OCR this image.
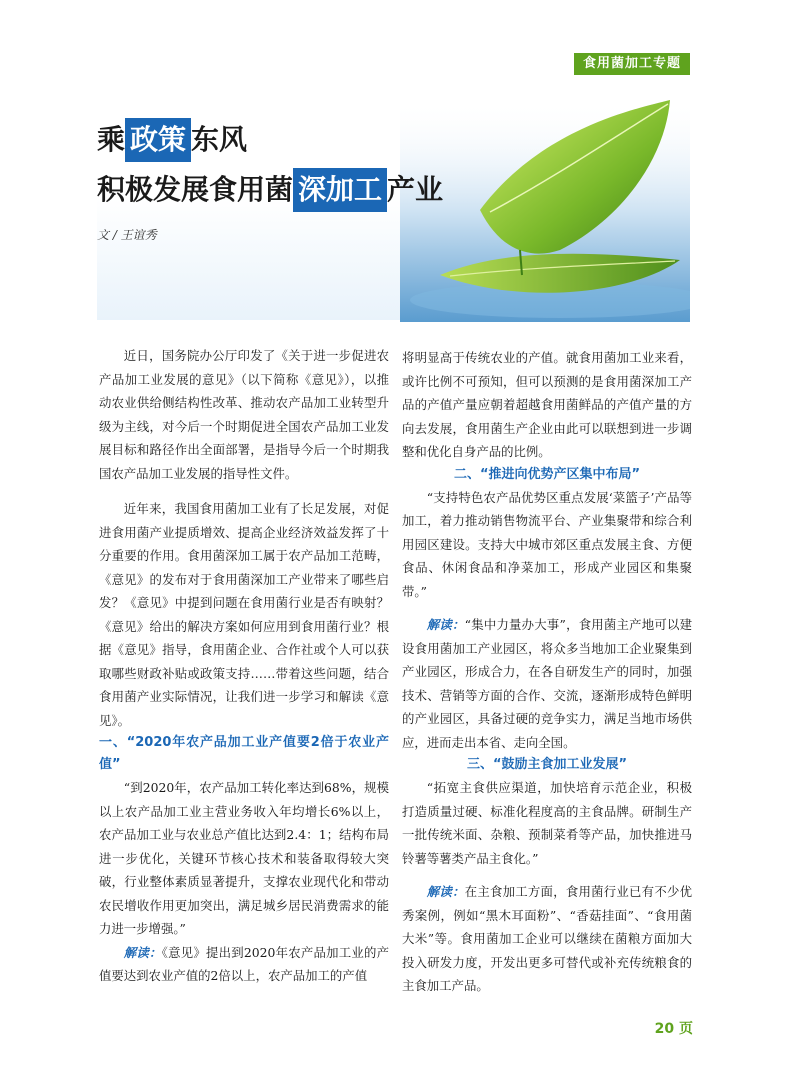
食用菌加工专题
乘 政策 东风
积极发展食用菌 深加工 产业
文 / 王谊秀

近日，国务院办公厅印发了《关于进一步促进农产品加工业发展的意见》（以下简称《意见》），以推动农业供给侧结构性改革、推动农产品加工业转型升级为主线，对今后一个时期促进全国农产品加工业发展目标和路径作出全面部署，是指导今后一个时期我国农产品加工业发展的指导性文件。

近年来，我国食用菌加工业有了长足发展，对促进食用菌产业提质增效、提高企业经济效益发挥了十分重要的作用。食用菌深加工属于农产品加工范畴，《意见》的发布对于食用菌深加工产业带来了哪些启发？《意见》中提到问题在食用菌行业是否有映射？《意见》给出的解决方案如何应用到食用菌行业？根据《意见》指导，食用菌企业、合作社或个人可以获取哪些财政补贴或政策支持……带着这些问题，结合食用菌产业实际情况，让我们进一步学习和解读《意见》。

一、“2020年农产品加工业产值要2倍于农业产值”

“到2020年，农产品加工转化率达到68%，规模以上农产品加工业主营业务收入年均增长6%以上，农产品加工业与农业总产值比达到2.4：1；结构布局进一步优化，关键环节核心技术和装备取得较大突破，行业整体素质显著提升，支撑农业现代化和带动农民增收作用更加突出，满足城乡居民消费需求的能力进一步增强。”

解读：《意见》提出到2020年农产品加工业的产值要达到农业产值的2倍以上，农产品加工的产值

将明显高于传统农业的产值。就食用菌加工业来看，或许比例不可预知，但可以预测的是食用菌深加工产品的产值产量应朝着超越食用菌鲜品的产值产量的方向去发展，食用菌生产企业由此可以联想到进一步调整和优化自身产品的比例。

二、“推进向优势产区集中布局”

“支持特色农产品优势区重点发展‘菜篮子’产品等加工，着力推动销售物流平台、产业集聚带和综合利用园区建设。支持大中城市郊区重点发展主食、方便食品、休闲食品和净菜加工，形成产业园区和集聚带。”

解读：“集中力量办大事”，食用菌主产地可以建设食用菌加工产业园区，将众多当地加工企业聚集到产业园区，形成合力，在各自研发生产的同时，加强技术、营销等方面的合作、交流，逐渐形成特色鲜明的产业园区，具备过硬的竞争实力，满足当地市场供应，进而走出本省、走向全国。

三、“鼓励主食加工业发展”

“拓宽主食供应渠道，加快培育示范企业，积极打造质量过硬、标准化程度高的主食品牌。研制生产一批传统米面、杂粮、预制菜肴等产品，加快推进马铃薯等薯类产品主食化。”

解读：在主食加工方面，食用菌行业已有不少优秀案例，例如“黑木耳面粉”、“香菇挂面”、“食用菌大米”等。食用菌加工企业可以继续在菌粮方面加大投入研发力度，开发出更多可替代或补充传统粮食的主食加工产品。

20 页
